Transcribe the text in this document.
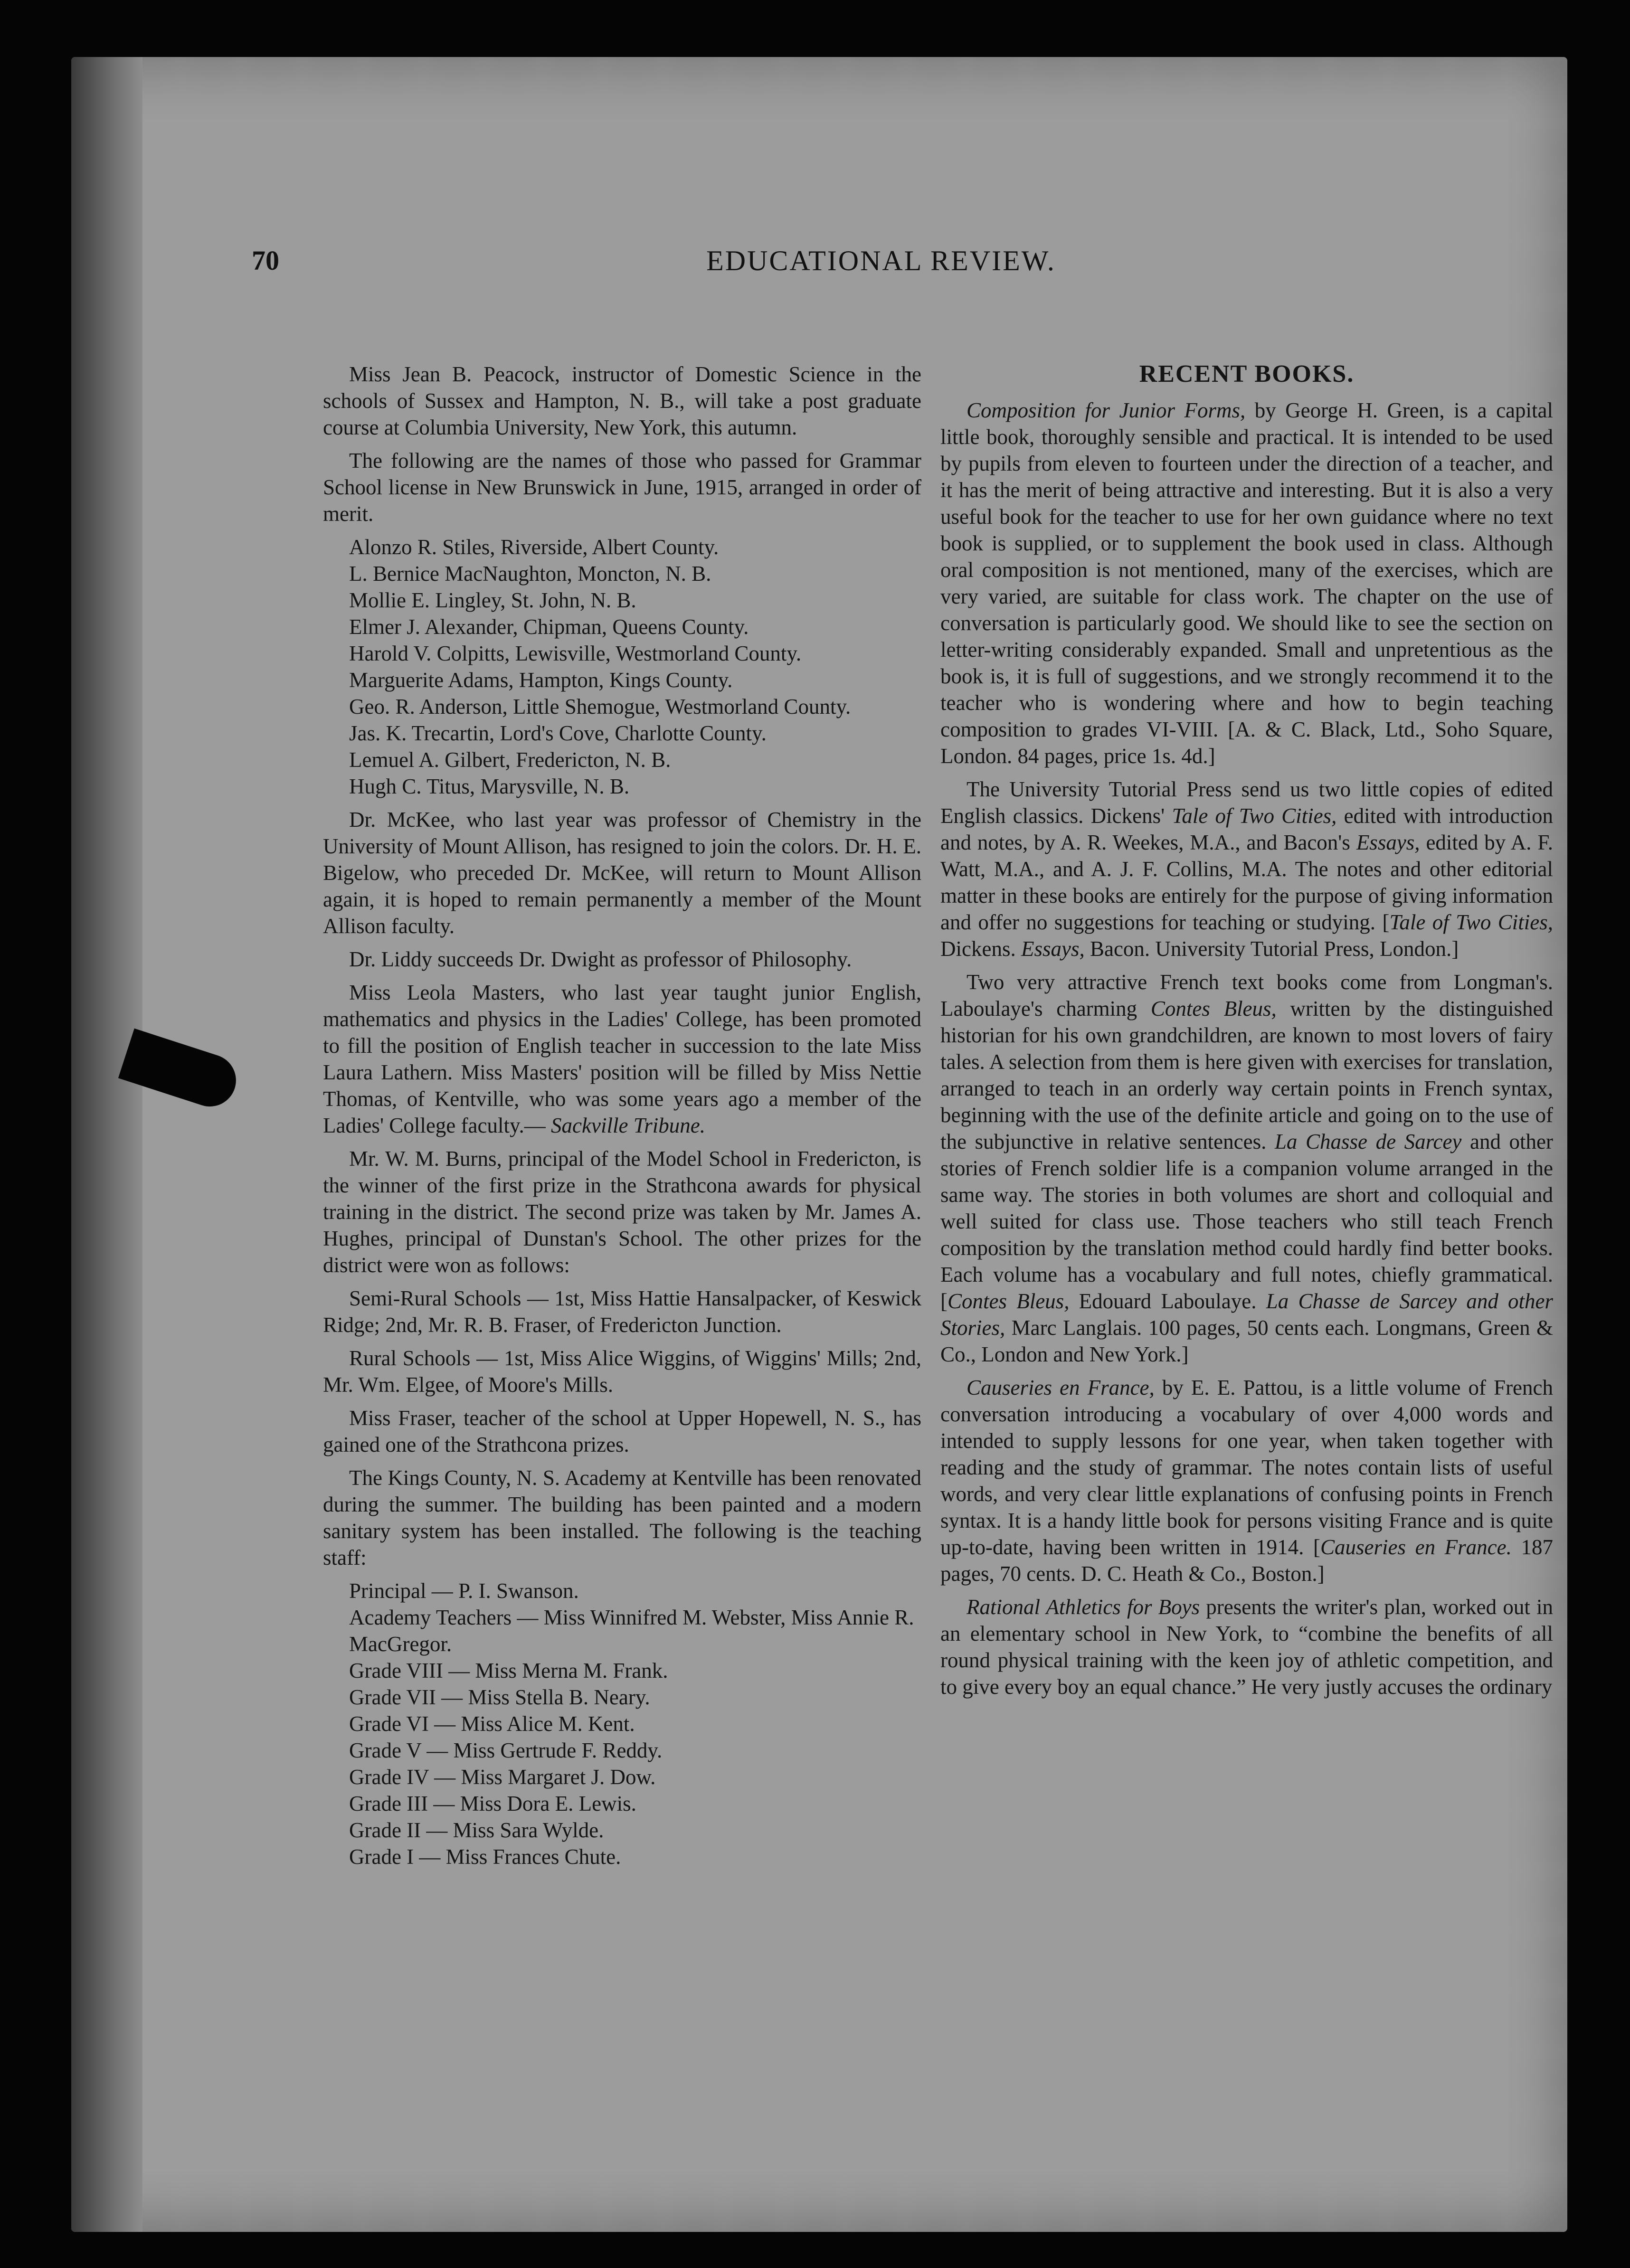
70	EDUCATIONAL REVIEW.

Miss Jean B. Peacock, instructor of Domestic Science in the schools of Sussex and Hampton, N. B., will take a post graduate course at Columbia University, New York, this autumn.

The following are the names of those who passed for Grammar School license in New Brunswick in June, 1915, arranged in order of merit.

Alonzo R. Stiles, Riverside, Albert County.
L. Bernice MacNaughton, Moncton, N. B.
Mollie E. Lingley, St. John, N. B.
Elmer J. Alexander, Chipman, Queens County.
Harold V. Colpitts, Lewisville, Westmorland County.
Marguerite Adams, Hampton, Kings County.
Geo. R. Anderson, Little Shemogue, Westmorland County.
Jas. K. Trecartin, Lord's Cove, Charlotte County.
Lemuel A. Gilbert, Fredericton, N. B.
Hugh C. Titus, Marysville, N. B.

Dr. McKee, who last year was professor of Chemistry in the University of Mount Allison, has resigned to join the colors. Dr. H. E. Bigelow, who preceded Dr. McKee, will return to Mount Allison again, it is hoped to remain permanently a member of the Mount Allison faculty.

Dr. Liddy succeeds Dr. Dwight as professor of Philosophy.

Miss Leola Masters, who last year taught junior English, mathematics and physics in the Ladies' College, has been promoted to fill the position of English teacher in succession to the late Miss Laura Lathern. Miss Masters' position will be filled by Miss Nettie Thomas, of Kentville, who was some years ago a member of the Ladies' College faculty.— Sackville Tribune.

Mr. W. M. Burns, principal of the Model School in Fredericton, is the winner of the first prize in the Strathcona awards for physical training in the district. The second prize was taken by Mr. James A. Hughes, principal of Dunstan's School. The other prizes for the district were won as follows:

Semi-Rural Schools — 1st, Miss Hattie Hansalpacker, of Keswick Ridge; 2nd, Mr. R. B. Fraser, of Fredericton Junction.

Rural Schools — 1st, Miss Alice Wiggins, of Wiggins' Mills; 2nd, Mr. Wm. Elgee, of Moore's Mills.

Miss Fraser, teacher of the school at Upper Hopewell, N. S., has gained one of the Strathcona prizes.

The Kings County, N. S. Academy at Kentville has been renovated during the summer. The building has been painted and a modern sanitary system has been installed. The following is the teaching staff:

Principal — P. I. Swanson.
Academy Teachers — Miss Winnifred M. Webster, Miss Annie R. MacGregor.
Grade VIII — Miss Merna M. Frank.
Grade VII — Miss Stella B. Neary.
Grade VI — Miss Alice M. Kent.
Grade V — Miss Gertrude F. Reddy.
Grade IV — Miss Margaret J. Dow.
Grade III — Miss Dora E. Lewis.
Grade II — Miss Sara Wylde.
Grade I — Miss Frances Chute.
RECENT BOOKS.

Composition for Junior Forms, by George H. Green, is a capital little book, thoroughly sensible and practical. It is intended to be used by pupils from eleven to fourteen under the direction of a teacher, and it has the merit of being attractive and interesting. But it is also a very useful book for the teacher to use for her own guidance where no text book is supplied, or to supplement the book used in class. Although oral composition is not mentioned, many of the exercises, which are very varied, are suitable for class work. The chapter on the use of conversation is particularly good. We should like to see the section on letter-writing considerably expanded. Small and unpretentious as the book is, it is full of suggestions, and we strongly recommend it to the teacher who is wondering where and how to begin teaching composition to grades VI-VIII. [A. & C. Black, Ltd., Soho Square, London. 84 pages, price 1s. 4d.]

The University Tutorial Press send us two little copies of edited English classics. Dickens' Tale of Two Cities, edited with introduction and notes, by A. R. Weekes, M.A., and Bacon's Essays, edited by A. F. Watt, M.A., and A. J. F. Collins, M.A. The notes and other editorial matter in these books are entirely for the purpose of giving information and offer no suggestions for teaching or studying. [Tale of Two Cities, Dickens. Essays, Bacon. University Tutorial Press, London.]

Two very attractive French text books come from Longman's. Laboulaye's charming Contes Bleus, written by the distinguished historian for his own grandchildren, are known to most lovers of fairy tales. A selection from them is here given with exercises for translation, arranged to teach in an orderly way certain points in French syntax, beginning with the use of the definite article and going on to the use of the subjunctive in relative sentences. La Chasse de Sarcey and other stories of French soldier life is a companion volume arranged in the same way. The stories in both volumes are short and colloquial and well suited for class use. Those teachers who still teach French composition by the translation method could hardly find better books. Each volume has a vocabulary and full notes, chiefly grammatical. [Contes Bleus, Edouard Laboulaye. La Chasse de Sarcey and other Stories, Marc Langlais. 100 pages, 50 cents each. Longmans, Green & Co., London and New York.]

Causeries en France, by E. E. Pattou, is a little volume of French conversation introducing a vocabulary of over 4,000 words and intended to supply lessons for one year, when taken together with reading and the study of grammar. The notes contain lists of useful words, and very clear little explanations of confusing points in French syntax. It is a handy little book for persons visiting France and is quite up-to-date, having been written in 1914. [Causeries en France. 187 pages, 70 cents. D. C. Heath & Co., Boston.]

Rational Athletics for Boys presents the writer's plan, worked out in an elementary school in New York, to “combine the benefits of all round physical training with the keen joy of athletic competition, and to give every boy an equal chance.” He very justly accuses the ordinary
